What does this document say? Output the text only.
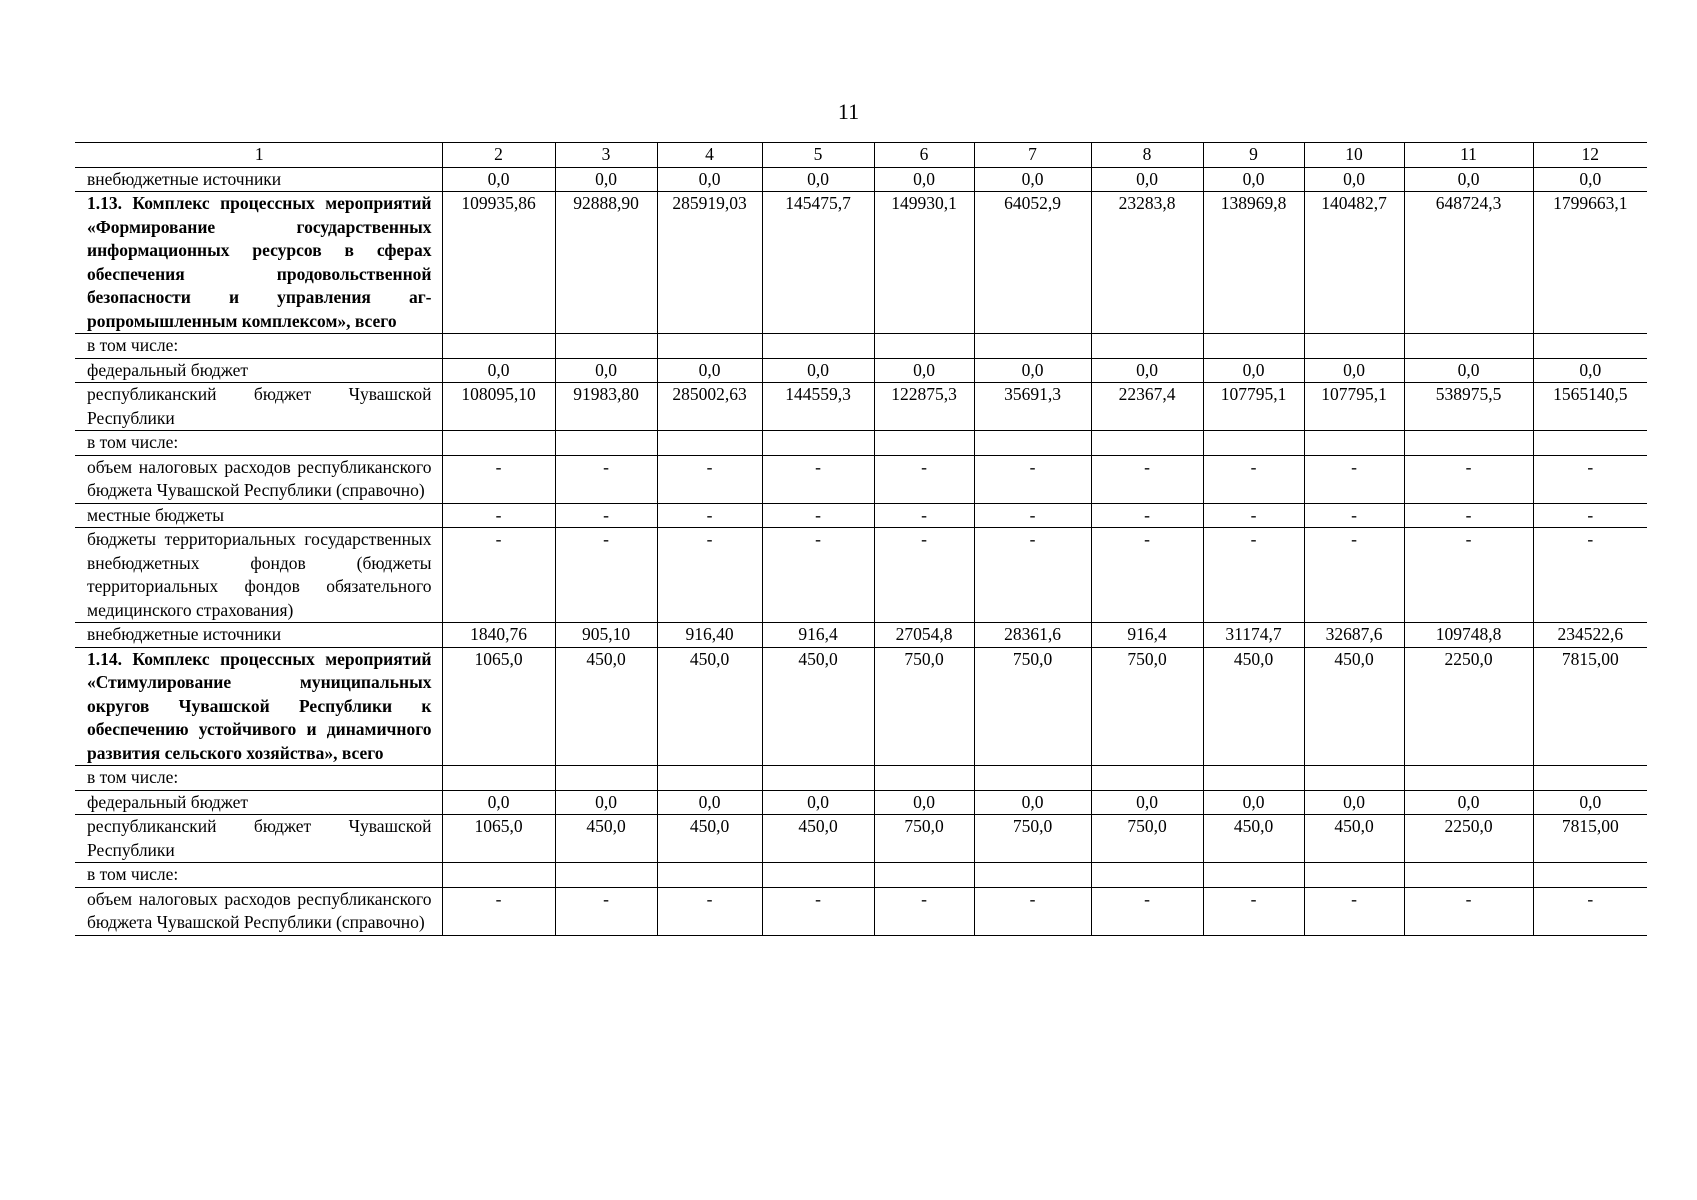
11
1	2	3	4	5	6	7	8	9	10	11	12
внебюджетные источники	0,0	0,0	0,0	0,0	0,0	0,0	0,0	0,0	0,0	0,0	0,0
1.13. Комплекс процессных мероприятий «Формирование государственных информационных ресурсов в сферах обеспечения продовольственной безопасности и управления агропромышленным комплексом», всего	109935,86	92888,90	285919,03	145475,7	149930,1	64052,9	23283,8	138969,8	140482,7	648724,3	1799663,1
в том числе:											
федеральный бюджет	0,0	0,0	0,0	0,0	0,0	0,0	0,0	0,0	0,0	0,0	0,0
республиканский бюджет Чувашской Республики	108095,10	91983,80	285002,63	144559,3	122875,3	35691,3	22367,4	107795,1	107795,1	538975,5	1565140,5
в том числе:											
объем налоговых расходов республиканского бюджета Чувашской Республики (справочно)	-	-	-	-	-	-	-	-	-	-	-
местные бюджеты	-	-	-	-	-	-	-	-	-	-	-
бюджеты территориальных государственных внебюджетных фондов (бюджеты территориальных фондов обязательного медицинского страхования)	-	-	-	-	-	-	-	-	-	-	-
внебюджетные источники	1840,76	905,10	916,40	916,4	27054,8	28361,6	916,4	31174,7	32687,6	109748,8	234522,6
1.14. Комплекс процессных мероприятий «Стимулирование муниципальных округов Чувашской Республики к обеспечению устойчивого и динамичного развития сельского хозяйства», всего	1065,0	450,0	450,0	450,0	750,0	750,0	750,0	450,0	450,0	2250,0	7815,00
в том числе:											
федеральный бюджет	0,0	0,0	0,0	0,0	0,0	0,0	0,0	0,0	0,0	0,0	0,0
республиканский бюджет Чувашской Республики	1065,0	450,0	450,0	450,0	750,0	750,0	750,0	450,0	450,0	2250,0	7815,00
в том числе:											
объем налоговых расходов республиканского бюджета Чувашской Республики (справочно)	-	-	-	-	-	-	-	-	-	-	-
